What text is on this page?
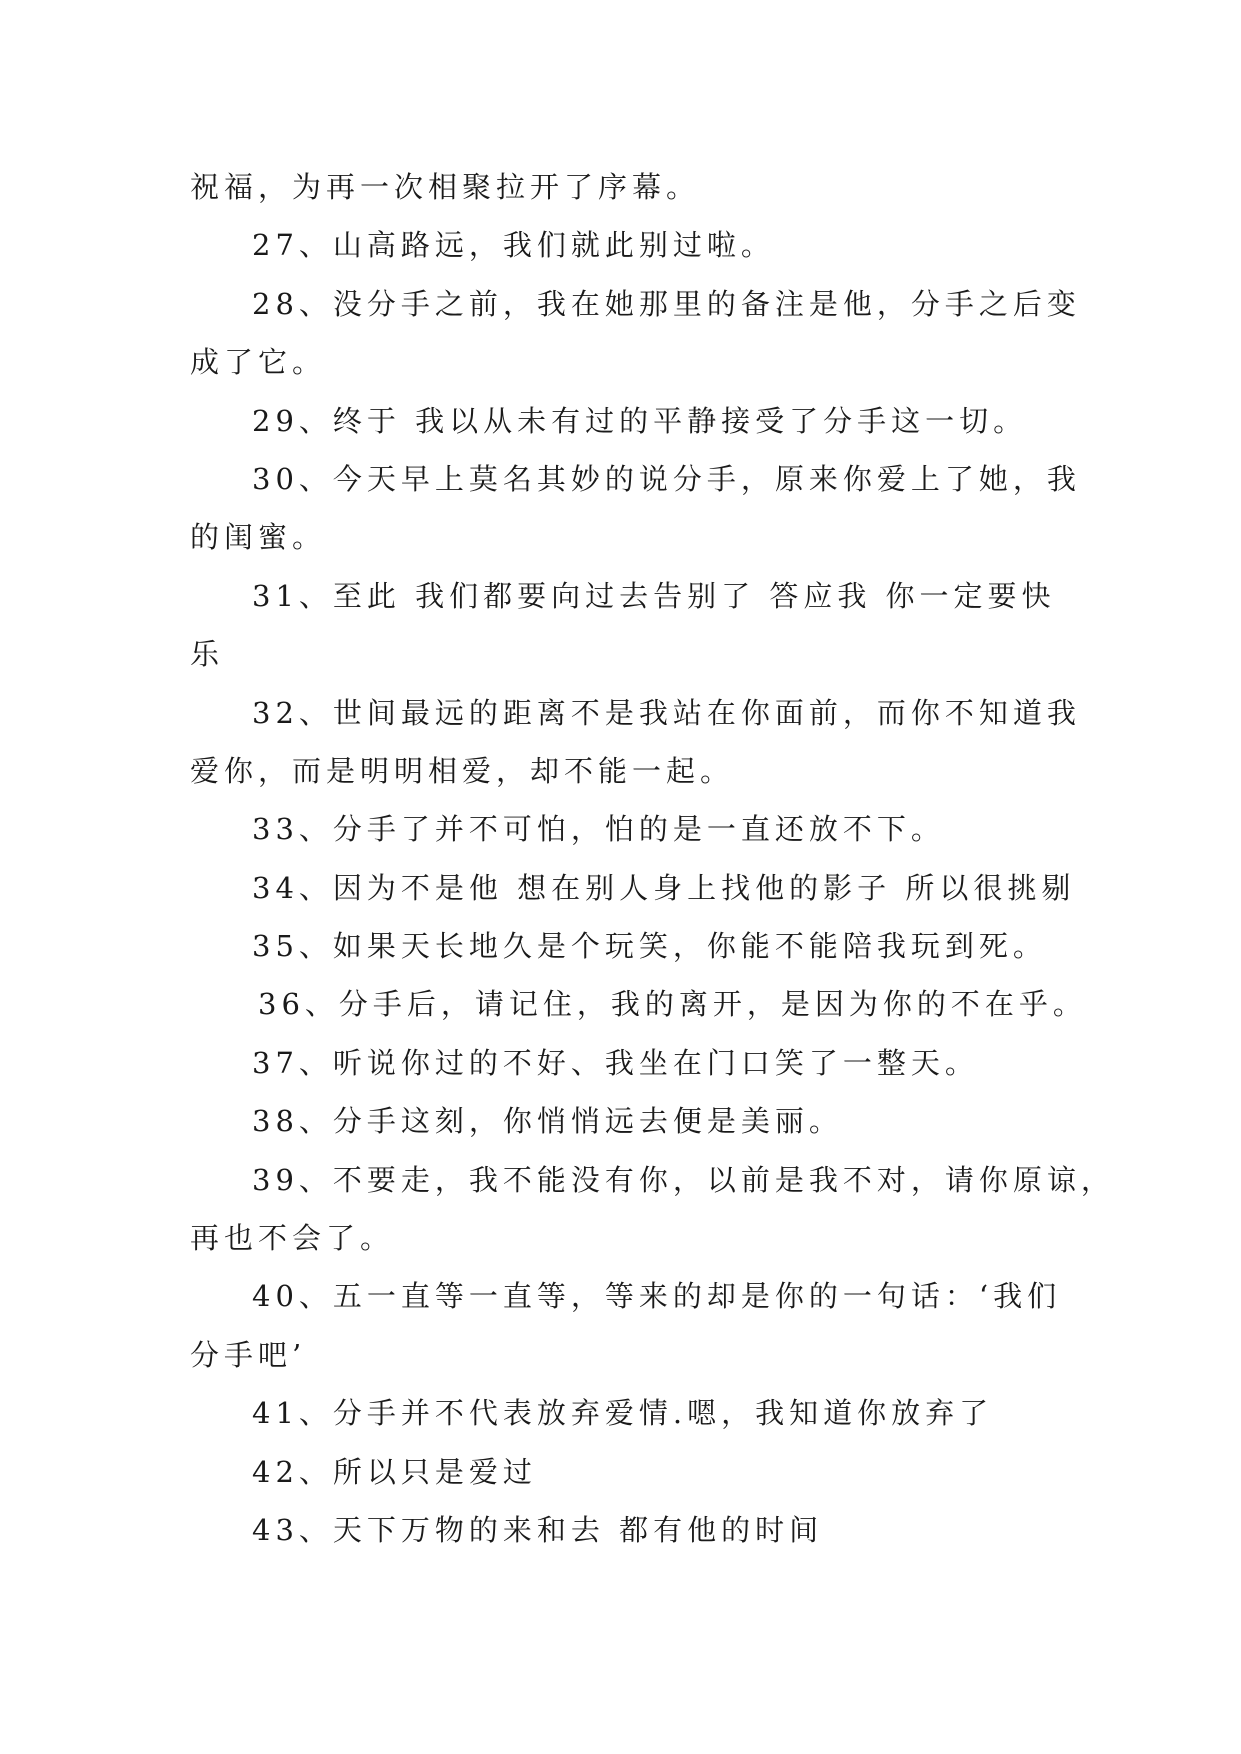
祝福，为再一次相聚拉开了序幕。
27、山高路远，我们就此别过啦。
28、没分手之前，我在她那里的备注是他，分手之后变
成了它。
29、终于 我以从未有过的平静接受了分手这一切。
30、今天早上莫名其妙的说分手，原来你爱上了她，我
的闺蜜。
31、至此 我们都要向过去告别了 答应我 你一定要快
乐
32、世间最远的距离不是我站在你面前，而你不知道我
爱你，而是明明相爱，却不能一起。
33、分手了并不可怕，怕的是一直还放不下。
34、因为不是他 想在别人身上找他的影子 所以很挑剔
35、如果天长地久是个玩笑，你能不能陪我玩到死。
36、分手后，请记住，我的离开，是因为你的不在乎。
37、听说你过的不好、我坐在门口笑了一整天。
38、分手这刻，你悄悄远去便是美丽。
39、不要走，我不能没有你，以前是我不对，请你原谅，
再也不会了。
40、五一直等一直等，等来的却是你的一句话：‘我们
分手吧’
41、分手并不代表放弃爱情.嗯，我知道你放弃了
42、所以只是爱过
43、天下万物的来和去 都有他的时间
